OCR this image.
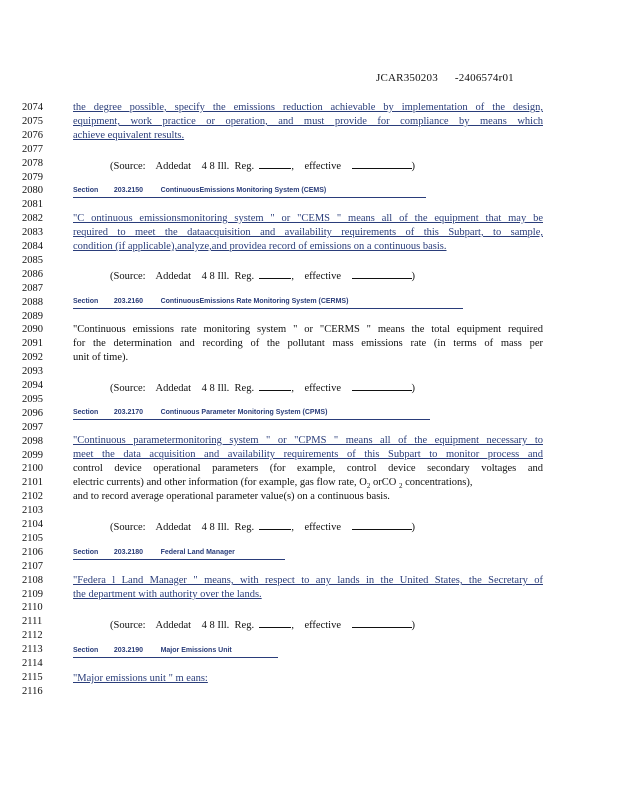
JCAR350203 -2406574r01
2074
2075
2076
2077
2078
2079
2080
2081
2082
2083
2084
2085
2086
2087
2088
2089
2090
2091
2092
2093
2094
2095
2096
2097
2098
2099
2100
2101
2102
2103
2104
2105
2106
2107
2108
2109
2110
2111
2112
2113
2114
2115
2116
the degree possible, specify the emissions reduction achievable by implementation of the design,
equipment, work practice or operation, and must provide for compliance by means which
achieve equivalent results.
(Source: Addedat 4 8 Ill. Reg.	,    effective	)
Section 203.2150	ContinuousEmissions Monitoring System (CEMS)
"C ontinuous emissionsmonitoring system " or "CEMS " means all of the equipment that may be
required to meet the dataacquisition and availability requirements of this Subpart, to sample,
condition (if applicable),analyze,and providea record of emissions on a continuous basis.
(Source: Addedat 4 8 Ill. Reg.	,    effective	)
Section 203.2160	ContinuousEmissions Rate Monitoring System (CERMS)
"Continuous emissions rate monitoring system " or "CERMS " means the total equipment required
for the determination and recording of the pollutant mass emissions rate (in terms of mass per
unit of time).
(Source: Addedat 4 8 Ill. Reg.	,    effective	)
Section 203.2170	Continuous Parameter Monitoring System (CPMS)
"Continuous parametermonitoring system " or "CPMS " means all of the equipment necessary to
meet the data acquisition and availability requirements of this Subpart to monitor process and
control device operational parameters (for example, control device secondary voltages and
electric currents) and other information (for example, gas flow rate, $O_2$ orCO $_2$ concentrations),
and to record average operational parameter value(s) on a continuous basis.
(Source: Addedat 4 8 Ill. Reg.	,    effective	)
Section 203.2180	Federal Land Manager
"Federa l Land Manager " means, with respect to any lands in the United States, the Secretary of
the department with authority over the lands.
(Source: Addedat 4 8 Ill. Reg.	,    effective	)
Section 203.2190	Major Emissions Unit
"Major emissions unit " m eans:
